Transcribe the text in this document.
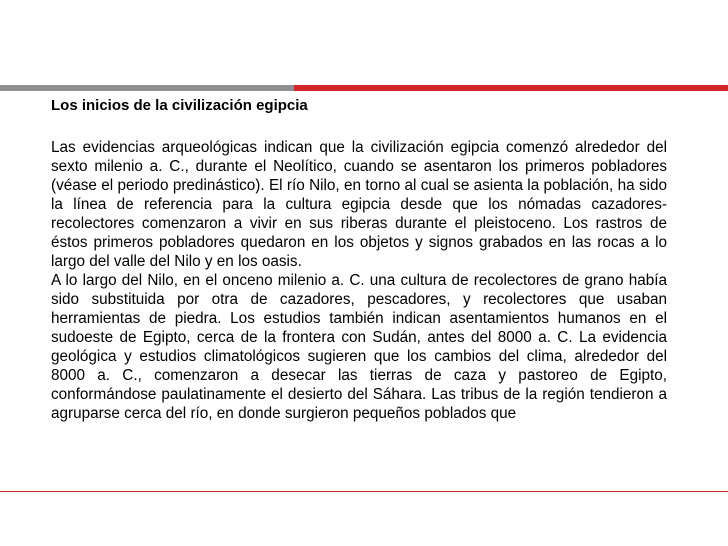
Los inicios de la civilización egipcia

Las evidencias arqueológicas indican que la civilización egipcia comenzó alrededor del sexto milenio a. C., durante el Neolítico, cuando se asentaron los primeros pobladores (véase el periodo predinástico). El río Nilo, en torno al cual se asienta la población, ha sido la línea de referencia para la cultura egipcia desde que los nómadas cazadores-recolectores comenzaron a vivir en sus riberas durante el pleistoceno. Los rastros de éstos primeros pobladores quedaron en los objetos y signos grabados en las rocas a lo largo del valle del Nilo y en los oasis.

A lo largo del Nilo, en el onceno milenio a. C. una cultura de recolectores de grano había sido substituida por otra de cazadores, pescadores, y recolectores que usaban herramientas de piedra. Los estudios también indican asentamientos humanos en el sudoeste de Egipto, cerca de la frontera con Sudán, antes del 8000 a. C. La evidencia geológica y estudios climatológicos sugieren que los cambios del clima, alrededor del 8000 a. C., comenzaron a desecar las tierras de caza y pastoreo de Egipto, conformándose paulatinamente el desierto del Sáhara. Las tribus de la región tendieron a agruparse cerca del río, en donde surgieron pequeños poblados que
